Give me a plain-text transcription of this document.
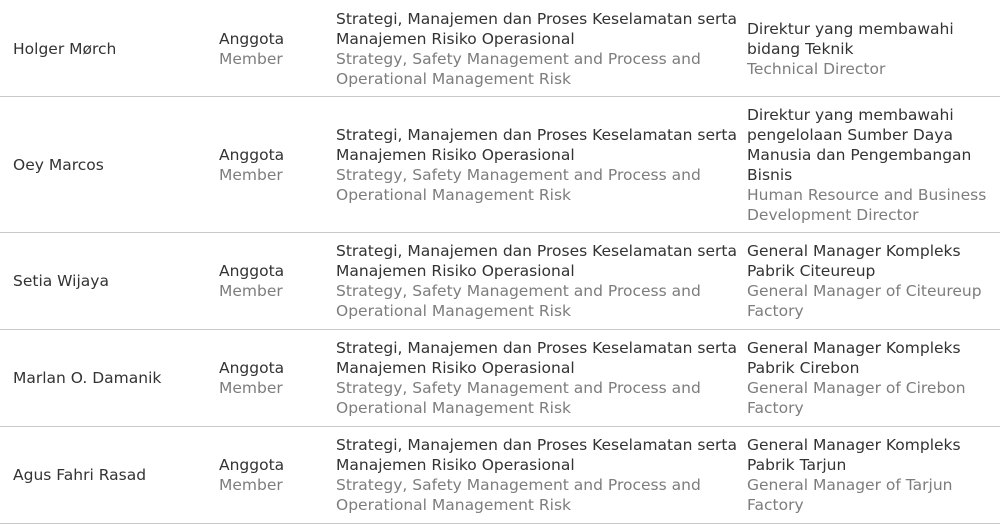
Holger Mørch
Anggota
Member
Strategi, Manajemen dan Proses Keselamatan serta Manajemen Risiko Operasional
Strategy, Safety Management and Process and Operational Management Risk
Direktur yang membawahi bidang Teknik
Technical Director
Oey Marcos
Anggota
Member
Strategi, Manajemen dan Proses Keselamatan serta Manajemen Risiko Operasional
Strategy, Safety Management and Process and Operational Management Risk
Direktur yang membawahi pengelolaan Sumber Daya Manusia dan Pengembangan Bisnis
Human Resource and Business Development Director
Setia Wijaya
Anggota
Member
Strategi, Manajemen dan Proses Keselamatan serta Manajemen Risiko Operasional
Strategy, Safety Management and Process and Operational Management Risk
General Manager Kompleks Pabrik Citeureup
General Manager of Citeureup Factory
Marlan O. Damanik
Anggota
Member
Strategi, Manajemen dan Proses Keselamatan serta Manajemen Risiko Operasional
Strategy, Safety Management and Process and Operational Management Risk
General Manager Kompleks Pabrik Cirebon
General Manager of Cirebon Factory
Agus Fahri Rasad
Anggota
Member
Strategi, Manajemen dan Proses Keselamatan serta Manajemen Risiko Operasional
Strategy, Safety Management and Process and Operational Management Risk
General Manager Kompleks Pabrik Tarjun
General Manager of Tarjun Factory
